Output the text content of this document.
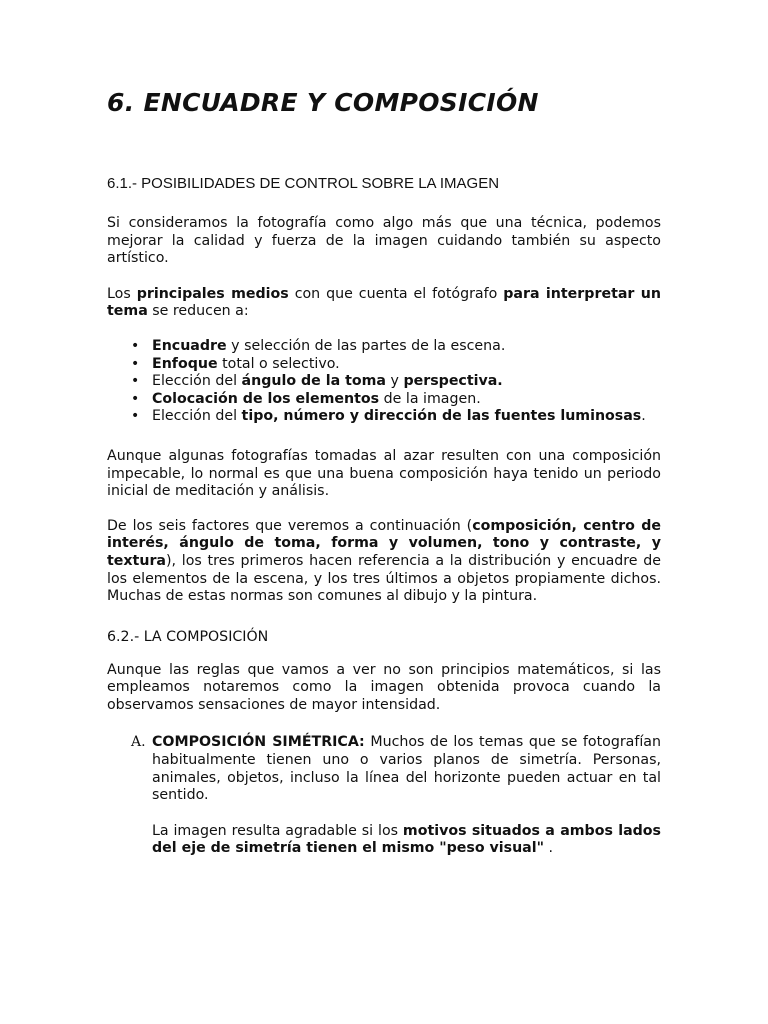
6. ENCUADRE Y COMPOSICIÓN
6.1.- POSIBILIDADES DE CONTROL SOBRE LA IMAGEN

Si consideramos la fotografía como algo más que una técnica, podemos mejorar la calidad y fuerza de la imagen cuidando también su aspecto artístico.

Los principales medios con que cuenta el fotógrafo para interpretar un tema se reducen a:

• Encuadre y selección de las partes de la escena.
• Enfoque total o selectivo.
• Elección del ángulo de la toma y perspectiva.
• Colocación de los elementos de la imagen.
• Elección del tipo, número y dirección de las fuentes luminosas.

Aunque algunas fotografías tomadas al azar resulten con una composición impecable, lo normal es que una buena composición haya tenido un periodo inicial de meditación y análisis.

De los seis factores que veremos a continuación (composición, centro de interés, ángulo de toma, forma y volumen, tono y contraste, y textura), los tres primeros hacen referencia a la distribución y encuadre de los elementos de la escena, y los tres últimos a objetos propiamente dichos. Muchas de estas normas son comunes al dibujo y la pintura.

6.2.- LA COMPOSICIÓN

Aunque las reglas que vamos a ver no son principios matemáticos, si las empleamos notaremos como la imagen obtenida provoca cuando la observamos sensaciones de mayor intensidad.

A. COMPOSICIÓN SIMÉTRICA: Muchos de los temas que se fotografían habitualmente tienen uno o varios planos de simetría. Personas, animales, objetos, incluso la línea del horizonte pueden actuar en tal sentido.

La imagen resulta agradable si los motivos situados a ambos lados del eje de simetría tienen el mismo "peso visual" .
